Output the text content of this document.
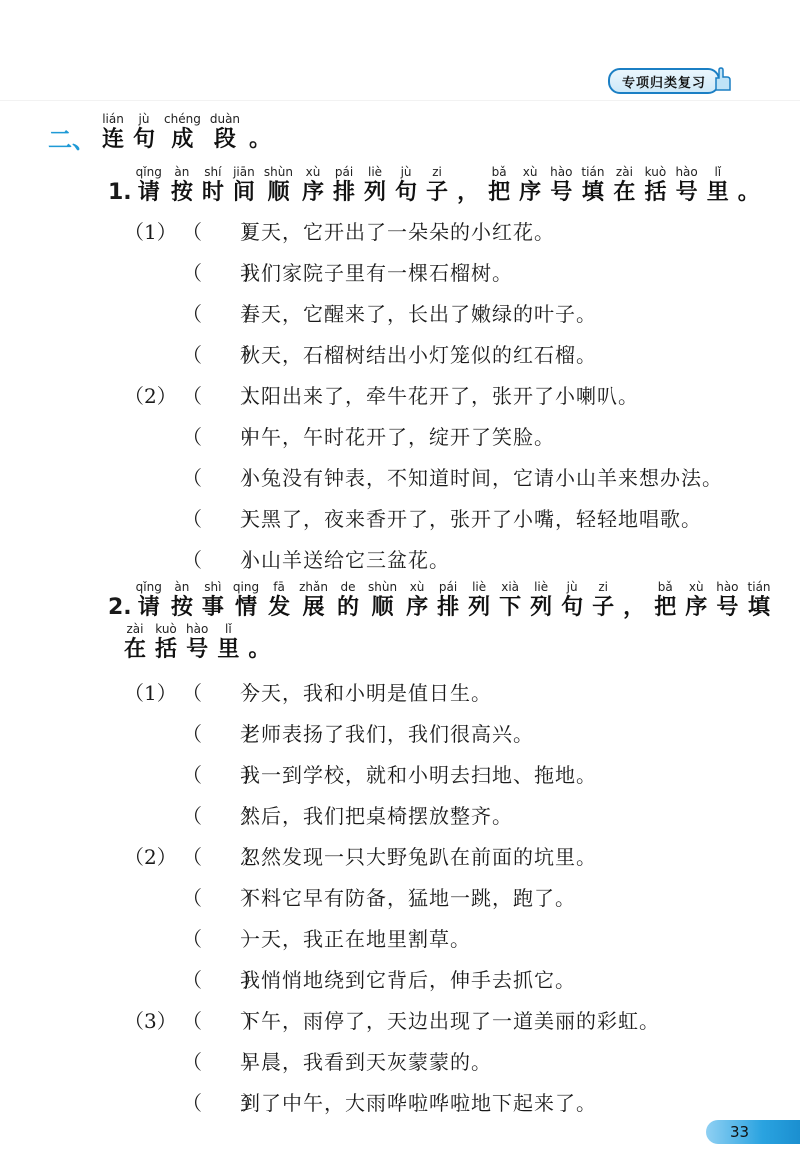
专项归类复习
二、
lián
连
jù
句
chéng
成
duàn
段 。
1.
qǐng
请
àn
按
shí
时
jiān
间
shùn
顺
xù
序
pái
排
liè
列
jù
句
zi
子
，
bǎ
把
xù
序
hào
号
tián
填
zài
在
kuò
括
hào
号
lǐ
里
。
（1） （　　）
夏天，它开出了一朵朵的小红花。
（　　）
我们家院子里有一棵石榴树。
（　　）
春天，它醒来了，长出了嫩绿的叶子。
（　　）
秋天，石榴树结出小灯笼似的红石榴。
（2） （　　）
太阳出来了，牵牛花开了，张开了小喇叭。
（　　）
中午，午时花开了，绽开了笑脸。
（　　）
小兔没有钟表，不知道时间，它请小山羊来想办法。
（　　）
天黑了，夜来香开了，张开了小嘴，轻轻地唱歌。
（　　）
小山羊送给它三盆花。
2.
qǐng
请
àn
按
shì
事
qing
情
fā
发
zhǎn
展
de
的
shùn
顺
xù
序
pái
排
liè
列
xià
下
liè
列
jù
句
zi
子
，
bǎ
把
xù
序
hào
号
tián
填
zài
在
kuò
括
hào
号
lǐ
里
。
（1） （　　）
今天，我和小明是值日生。
（　　）
老师表扬了我们，我们很高兴。
（　　）
我一到学校，就和小明去扫地、拖地。
（　　）
然后，我们把桌椅摆放整齐。
（2） （　　）
忽然发现一只大野兔趴在前面的坑里。
（　　）
不料它早有防备，猛地一跳，跑了。
（　　）
一天，我正在地里割草。
（　　）
我悄悄地绕到它背后，伸手去抓它。
（3） （　　）
下午，雨停了，天边出现了一道美丽的彩虹。
（　　）
早晨，我看到天灰蒙蒙的。
（　　）
到了中午，大雨哗啦哗啦地下起来了。
33
